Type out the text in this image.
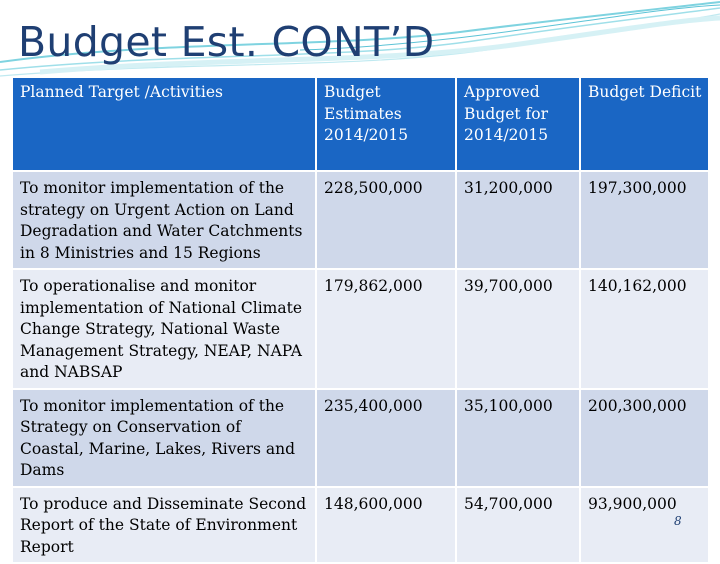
Budget Est. CONT’D
Planned Target /Activities	Budget Estimates 2014/2015	Approved Budget for 2014/2015	Budget Deficit
To monitor implementation of the strategy on Urgent Action on Land Degradation and Water Catchments in 8 Ministries and 15 Regions	228,500,000	31,200,000	197,300,000
To operationalise and monitor implementation of National Climate Change Strategy, National Waste Management Strategy, NEAP, NAPA and NABSAP	179,862,000	39,700,000	140,162,000
To monitor implementation of the Strategy on Conservation of Coastal, Marine, Lakes, Rivers and Dams	235,400,000	35,100,000	200,300,000
To produce and Disseminate Second Report of the State of Environment Report	148,600,000	54,700,000	93,900,000
8
